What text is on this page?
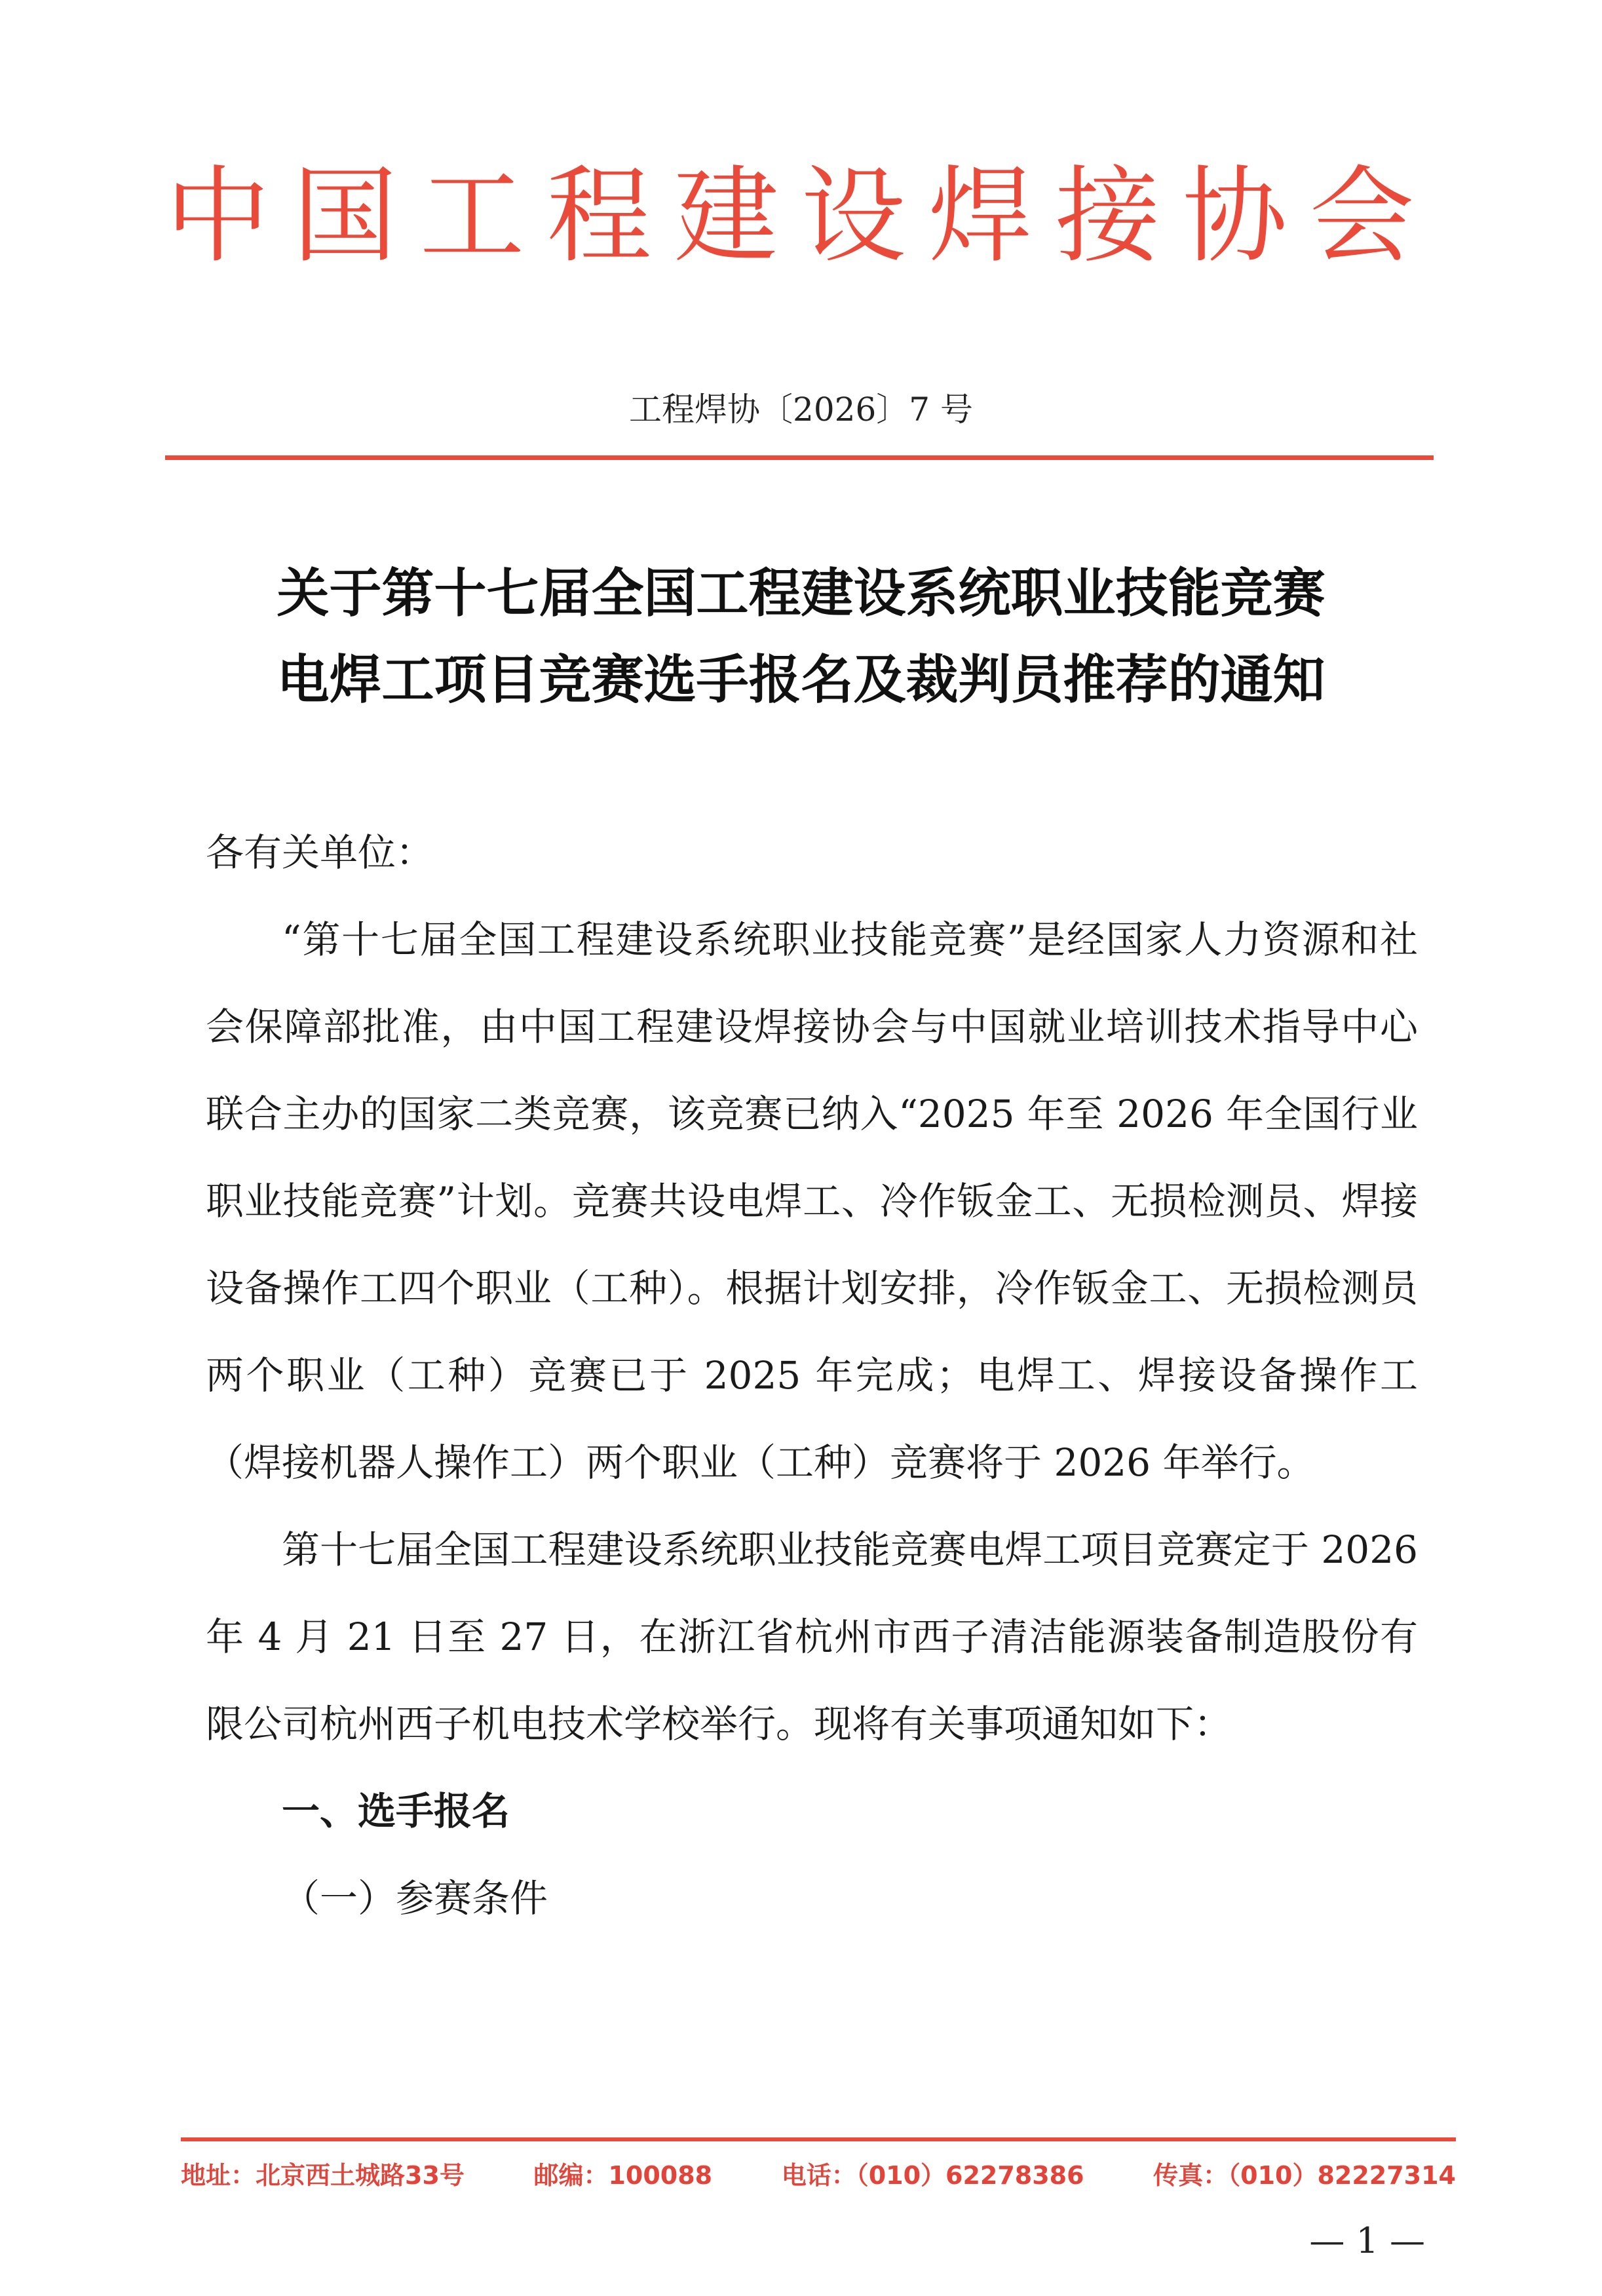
中国工程建设焊接协会
工程焊协〔2026〕7 号
关于第十七届全国工程建设系统职业技能竞赛
电焊工项目竞赛选手报名及裁判员推荐的通知

各有关单位：

“第十七届全国工程建设系统职业技能竞赛”是经国家人力资源和社会保障部批准，由中国工程建设焊接协会与中国就业培训技术指导中心联合主办的国家二类竞赛，该竞赛已纳入“2025 年至 2026 年全国行业职业技能竞赛”计划。竞赛共设电焊工、冷作钣金工、无损检测员、焊接设备操作工四个职业（工种）。根据计划安排，冷作钣金工、无损检测员两个职业（工种）竞赛已于 2025 年完成；电焊工、焊接设备操作工（焊接机器人操作工）两个职业（工种）竞赛将于 2026 年举行。

第十七届全国工程建设系统职业技能竞赛电焊工项目竞赛定于 2026 年 4 月 21 日至 27 日，在浙江省杭州市西子清洁能源装备制造股份有限公司杭州西子机电技术学校举行。现将有关事项通知如下：

一、选手报名

（一）参赛条件

地址：北京西土城路33号	邮编：100088	电话：（010）62278386	传真：（010）82227314
— 1 —
